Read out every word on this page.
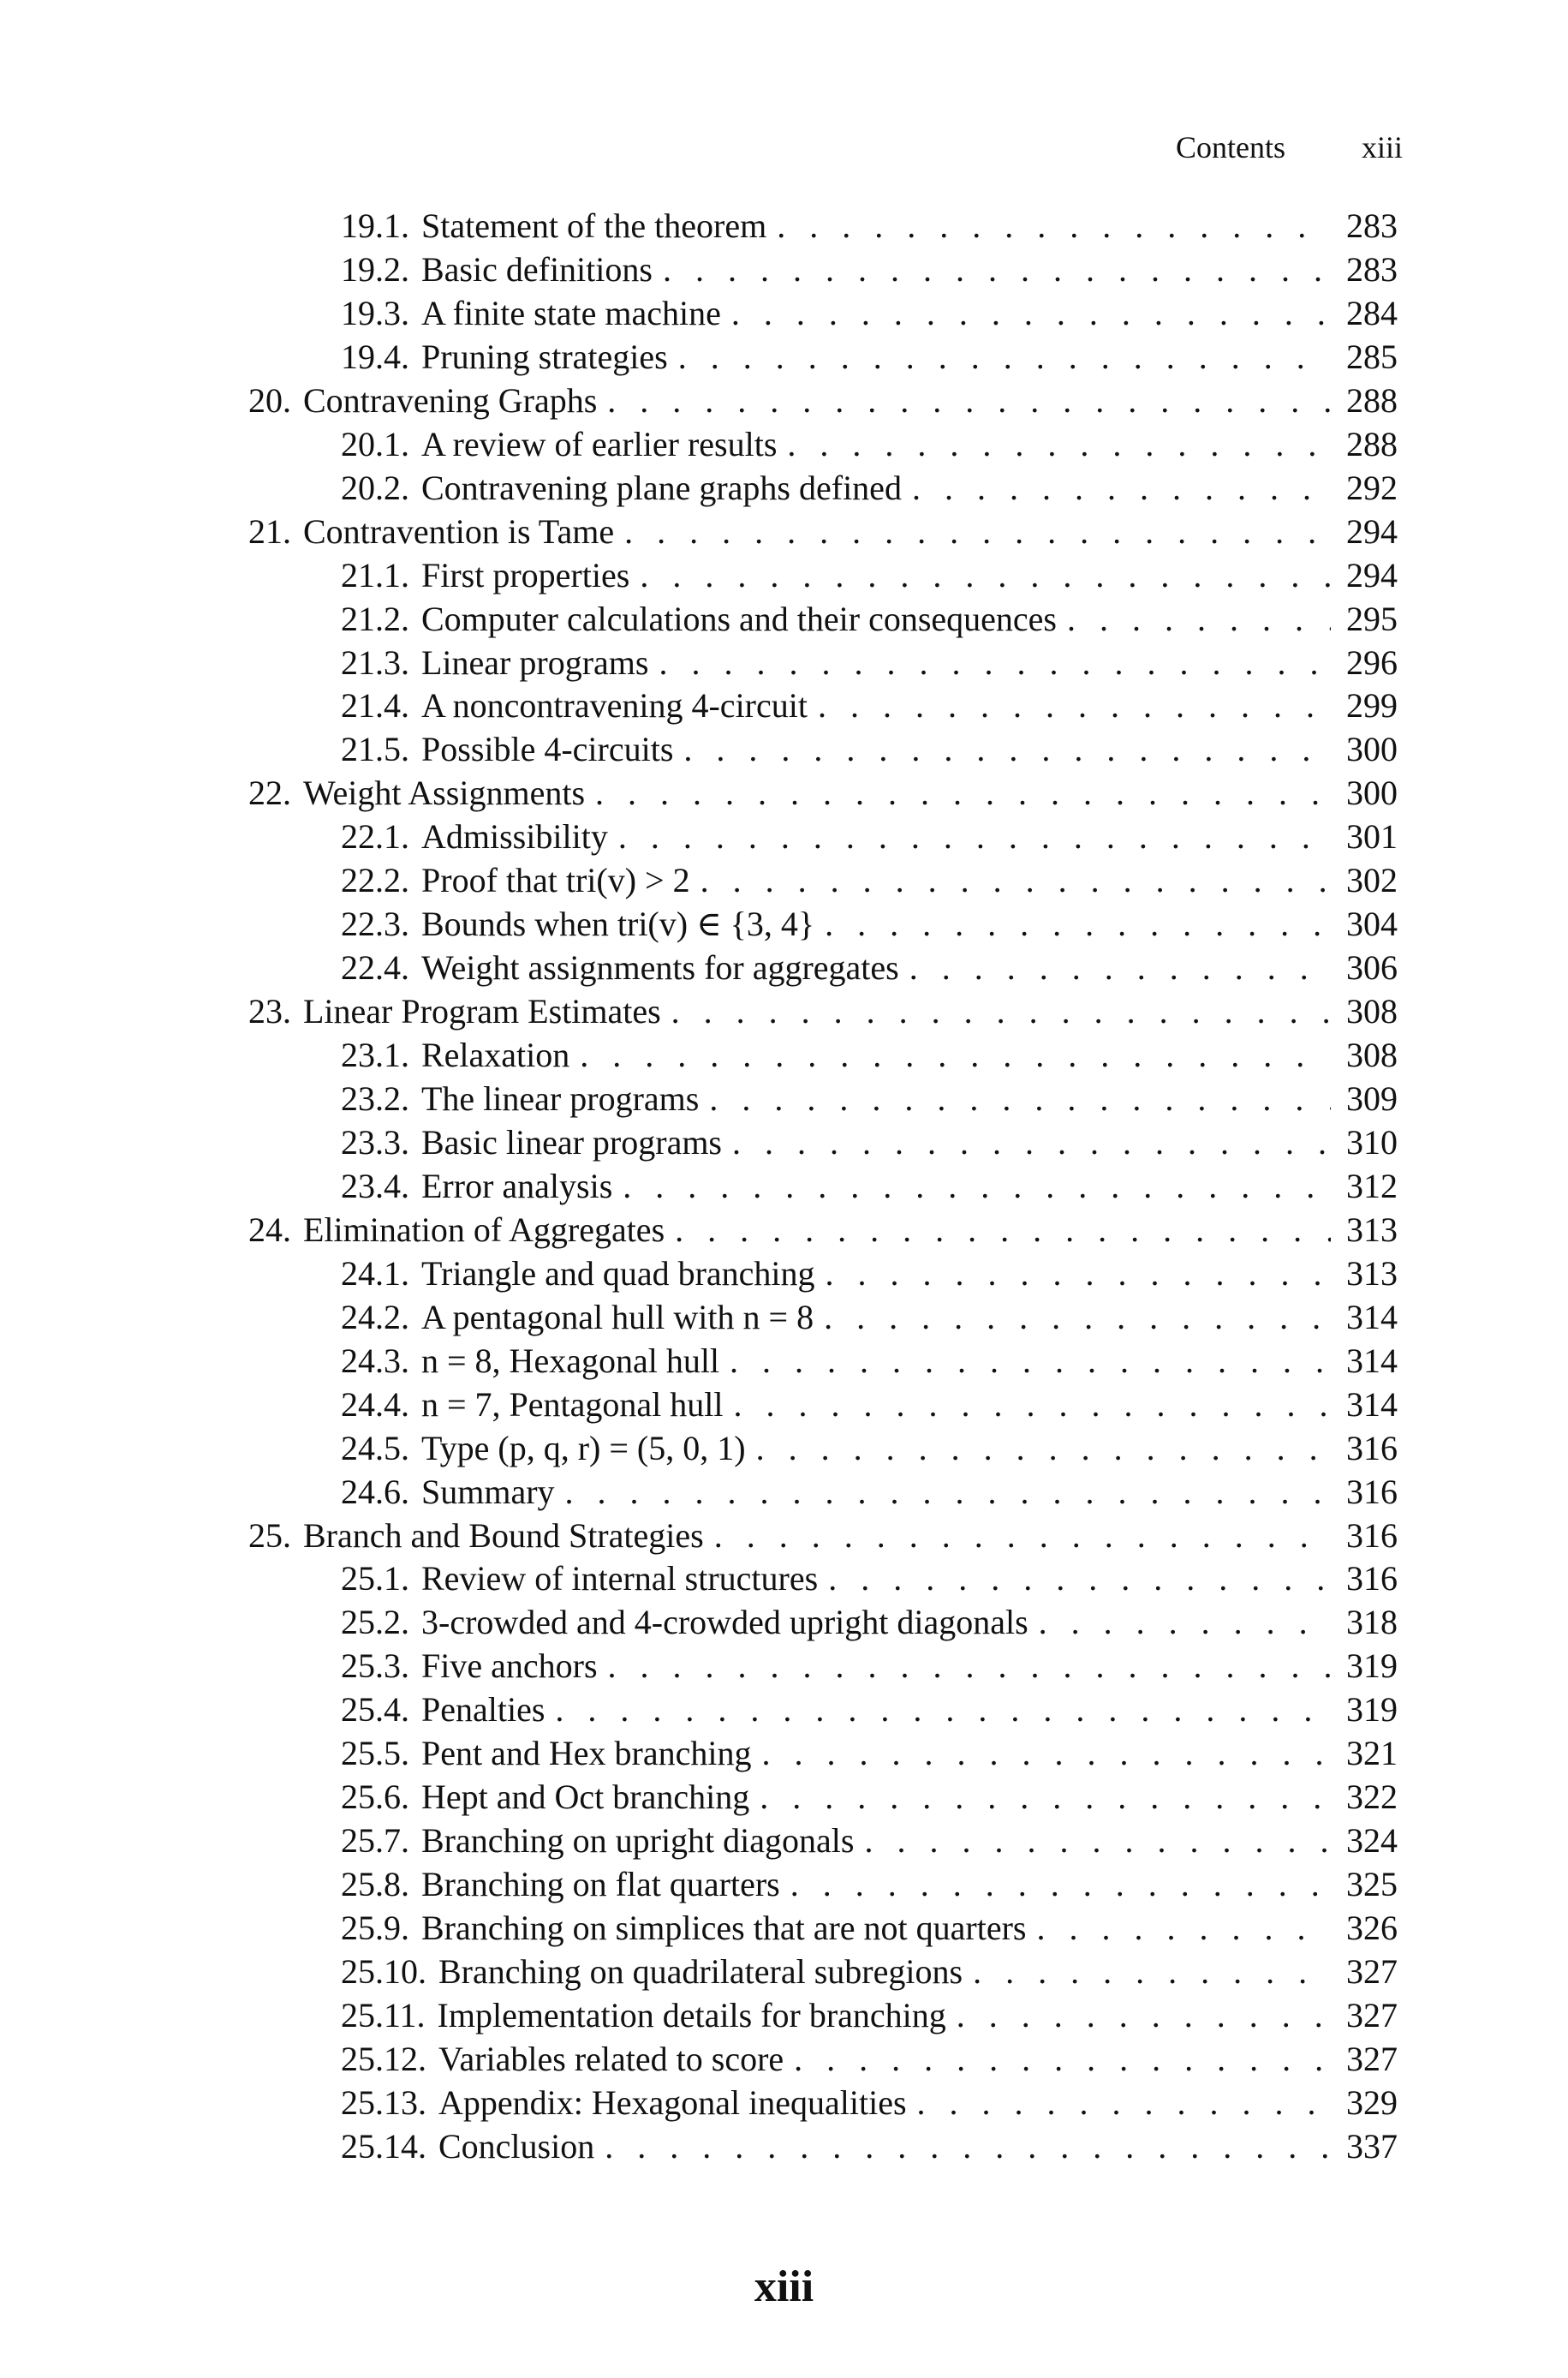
Contents xiii
19.1. Statement of the theorem . . .	283
19.2. Basic definitions . . .	283
19.3. A finite state machine . . .	284
19.4. Pruning strategies . . .	285
20. Contravening Graphs . . .	288
20.1. A review of earlier results . . .	288
20.2. Contravening plane graphs defined . . .	292
21. Contravention is Tame . . .	294
21.1. First properties . . .	294
21.2. Computer calculations and their consequences . . .	295
21.3. Linear programs . . .	296
21.4. A noncontravening 4-circuit . . .	299
21.5. Possible 4-circuits . . .	300
22. Weight Assignments . . .	300
22.1. Admissibility . . .	301
22.2. Proof that tri(v) > 2 . . .	302
22.3. Bounds when tri(v) ∈ {3, 4} . . .	304
22.4. Weight assignments for aggregates . . .	306
23. Linear Program Estimates . . .	308
23.1. Relaxation . . .	308
23.2. The linear programs . . .	309
23.3. Basic linear programs . . .	310
23.4. Error analysis . . .	312
24. Elimination of Aggregates . . .	313
24.1. Triangle and quad branching . . .	313
24.2. A pentagonal hull with n = 8 . . .	314
24.3. n = 8, Hexagonal hull . . .	314
24.4. n = 7, Pentagonal hull . . .	314
24.5. Type (p, q, r) = (5, 0, 1) . . .	316
24.6. Summary . . .	316
25. Branch and Bound Strategies . . .	316
25.1. Review of internal structures . . .	316
25.2. 3-crowded and 4-crowded upright diagonals . . .	318
25.3. Five anchors . . .	319
25.4. Penalties . . .	319
25.5. Pent and Hex branching . . .	321
25.6. Hept and Oct branching . . .	322
25.7. Branching on upright diagonals . . .	324
25.8. Branching on flat quarters . . .	325
25.9. Branching on simplices that are not quarters . . .	326
25.10. Branching on quadrilateral subregions . . .	327
25.11. Implementation details for branching . . .	327
25.12. Variables related to score . . .	327
25.13. Appendix: Hexagonal inequalities . . .	329
25.14. Conclusion . . .	337
xiii
